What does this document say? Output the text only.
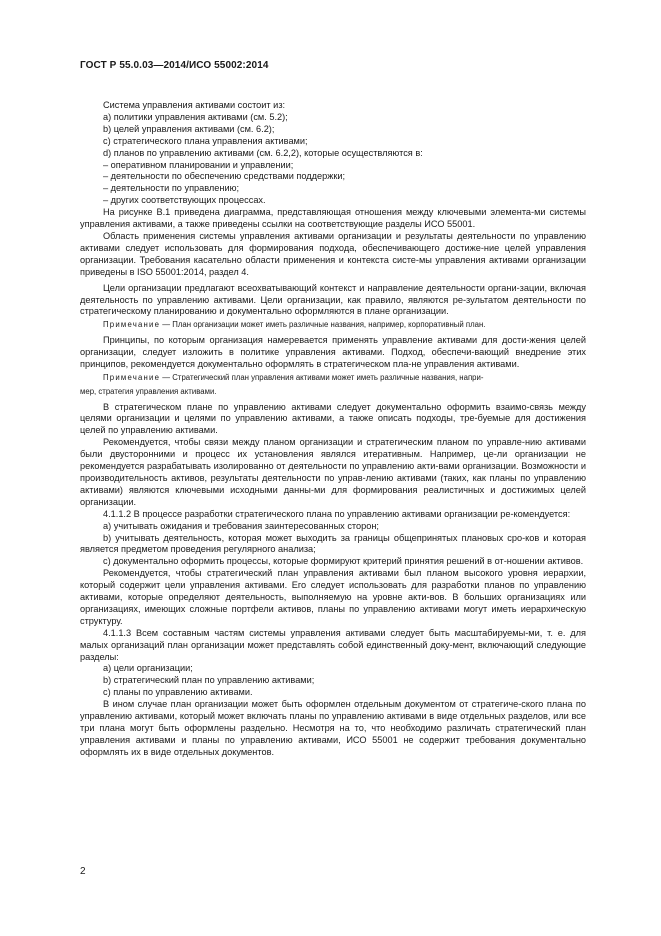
ГОСТ Р 55.0.03—2014/ИСО 55002:2014

Система управления активами состоит из:

a) политики управления активами (см. 5.2);

b) целей управления активами (см. 6.2);

c) стратегического плана управления активами;

d) планов по управлению активами (см. 6.2,2), которые осуществляются в:

– оперативном планировании и управлении;

– деятельности по обеспечению средствами поддержки;

– деятельности по управлению;

– других соответствующих процессах.

На рисунке В.1 приведена диаграмма, представляющая отношения между ключевыми элемента-ми системы управления активами, а также приведены ссылки на соответствующие разделы ИСО 55001.

Область применения системы управления активами организации и результаты деятельности по управлению активами следует использовать для формирования подхода, обеспечивающего достиже-ние целей управления организации. Требования касательно области применения и контекста систе-мы управления активами организации приведены в ISO 55001:2014, раздел 4.

Цели организации предлагают всеохватывающий контекст и направление деятельности органи-зации, включая деятельность по управлению активами. Цели организации, как правило, являются ре-зультатом деятельности по стратегическому планированию и документально оформляются в плане организации.

Примечание — План организации может иметь различные названия, например, корпоративный план.

Принципы, по которым организация намеревается применять управление активами для дости-жения целей организации, следует изложить в политике управления активами. Подход, обеспечи-вающий внедрение этих принципов, рекомендуется документально оформлять в стратегическом пла-не управления активами.

Примечание — Стратегический план управления активами может иметь различные названия, напри-

мер, стратегия управления активами.

В стратегическом плане по управлению активами следует документально оформить взаимо-связь между целями организации и целями по управлению активами, а также описать подходы, тре-буемые для достижения целей по управлению активами.

Рекомендуется, чтобы связи между планом организации и стратегическим планом по управле-нию активами были двусторонними и процесс их установления являлся итеративным. Например, це-ли организации не рекомендуется разрабатывать изолированно от деятельности по управлению акти-вами организации. Возможности и производительность активов, результаты деятельности по управ-лению активами (таких, как планы по управлению активами) являются ключевыми исходными данны-ми для формирования реалистичных и достижимых целей организации.

4.1.1.2 В процессе разработки стратегического плана по управлению активами организации ре-комендуется:

a) учитывать ожидания и требования заинтересованных сторон;

b) учитывать деятельность, которая может выходить за границы общепринятых плановых сро-ков и которая является предметом проведения регулярного анализа;

c) документально оформить процессы, которые формируют критерий принятия решений в от-ношении активов.

Рекомендуется, чтобы стратегический план управления активами был планом высокого уровня иерархии, который содержит цели управления активами. Его следует использовать для разработки планов по управлению активами, которые определяют деятельность, выполняемую на уровне акти-вов. В больших организациях или организациях, имеющих сложные портфели активов, планы по управлению активами могут иметь иерархическую структуру.

4.1.1.3 Всем составным частям системы управления активами следует быть масштабируемы-ми, т. е. для малых организаций план организации может представлять собой единственный доку-мент, включающий следующие разделы:

a) цели организации;

b) стратегический план по управлению активами;

c) планы по управлению активами.

В ином случае план организации может быть оформлен отдельным документом от стратегиче-ского плана по управлению активами, который может включать планы по управлению активами в виде отдельных разделов, или все три плана могут быть оформлены раздельно. Несмотря на то, что необходимо различать стратегический план управления активами и планы по управлению активами, ИСО 55001 не содержит требования документально оформлять их в виде отдельных документов.

2
